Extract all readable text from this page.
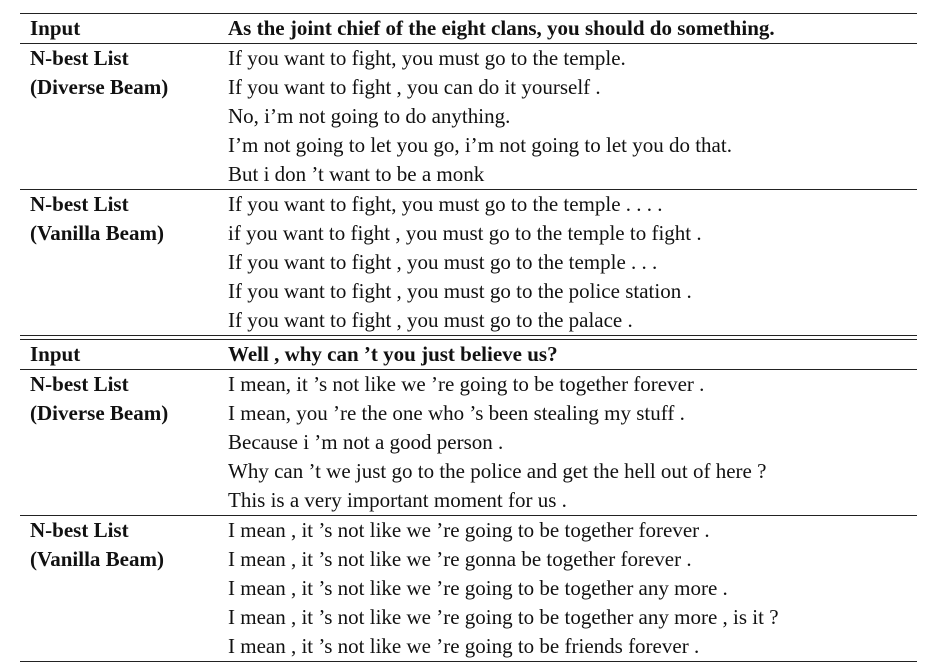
Input	As the joint chief of the eight clans, you should do something.
N-best List	If you want to fight, you must go to the temple.
(Diverse Beam)	If you want to fight , you can do it yourself .
No, i’m not going to do anything.
I’m not going to let you go, i’m not going to let you do that.
But i don ’t want to be a monk
N-best List	If you want to fight, you must go to the temple . . . .
(Vanilla Beam)	if you want to fight , you must go to the temple to fight .
If you want to fight , you must go to the temple . . .
If you want to fight , you must go to the police station .
If you want to fight , you must go to the palace .
Input	Well , why can ’t you just believe us?
N-best List	I mean, it ’s not like we ’re going to be together forever .
(Diverse Beam)	I mean, you ’re the one who ’s been stealing my stuff .
Because i ’m not a good person .
Why can ’t we just go to the police and get the hell out of here ?
This is a very important moment for us .
N-best List	I mean , it ’s not like we ’re going to be together forever .
(Vanilla Beam)	I mean , it ’s not like we ’re gonna be together forever .
I mean , it ’s not like we ’re going to be together any more .
I mean , it ’s not like we ’re going to be together any more , is it ?
I mean , it ’s not like we ’re going to be friends forever .
